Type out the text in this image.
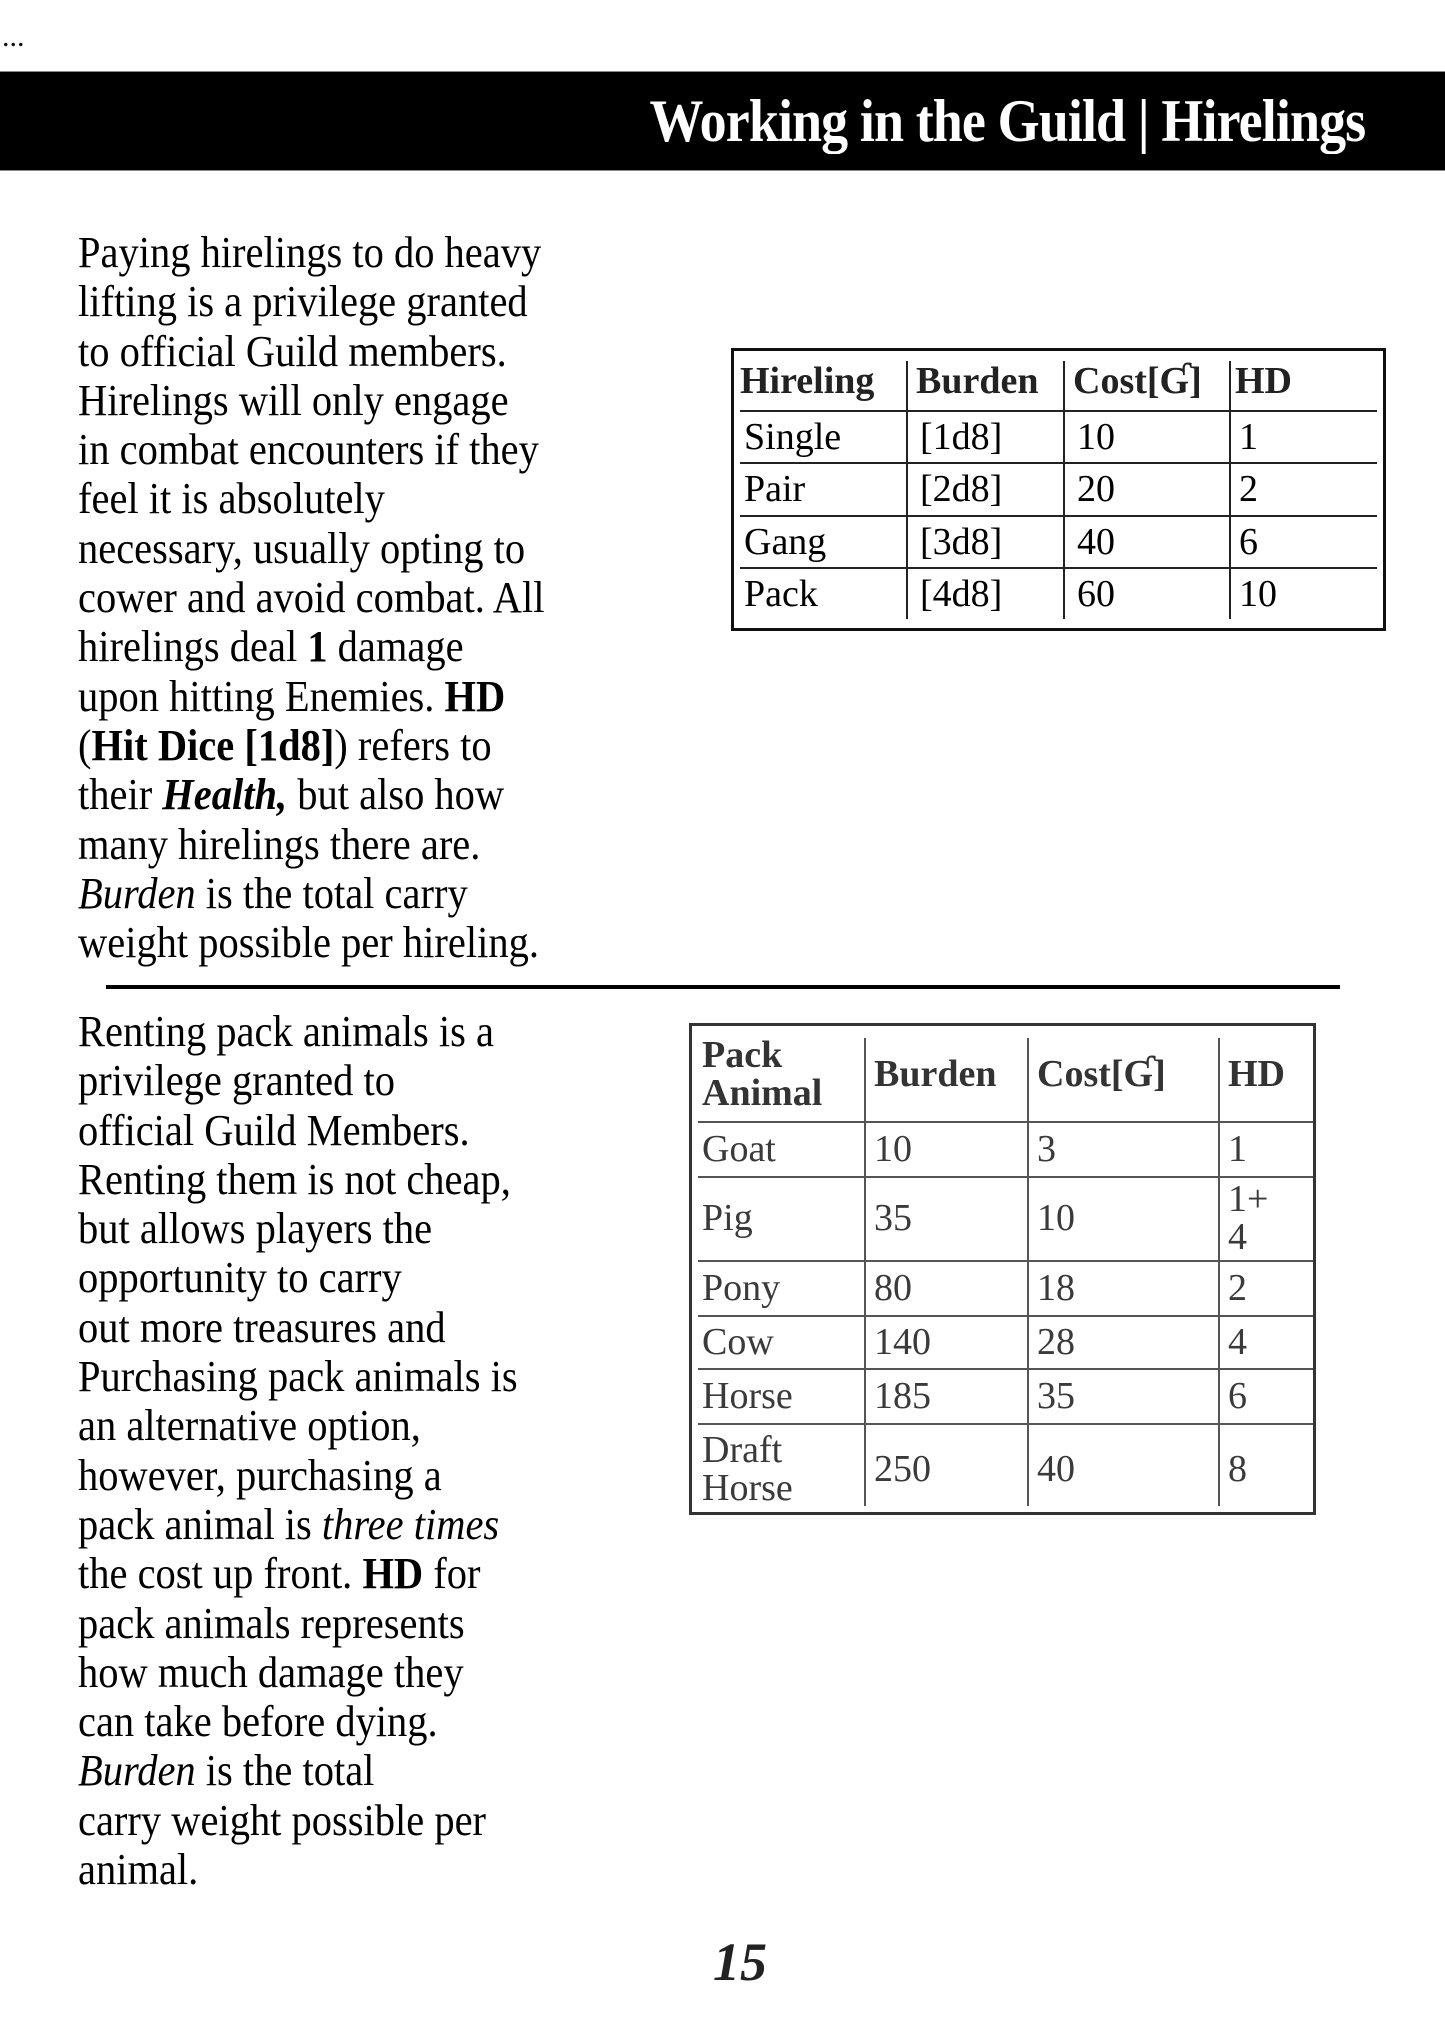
...
Working in the Guild | Hirelings
Paying hirelings to do heavy
lifting is a privilege granted
to official Guild members.
Hirelings will only engage
in combat encounters if they
feel it is absolutely
necessary, usually opting to
cower and avoid combat. All
hirelings deal 1 damage
upon hitting Enemies. HD
(Hit Dice [1d8]) refers to
their Health, but also how
many hirelings there are.
Burden is the total carry
weight possible per hireling.
Hireling Burden Cost[Ɠ] HD
Single [1d8] 10	1
Pair	[2d8] 20	2
Gang [3d8] 40	6
Pack	[4d8] 60	10
Renting pack animals is a
privilege granted to
official Guild Members.
Renting them is not cheap,
but allows players the
opportunity to carry
out more treasures and
Purchasing pack animals is
an alternative option,
however, purchasing a
pack animal is three times
the cost up front. HD for
pack animals represents
how much damage they
can take before dying.
Burden is the total
carry weight possible per
animal.
Pack
Animal Burden Cost[Ɠ] HD
Goat	10	3	1
Pig	35	10	1+
4
Pony 80	18	2
Cow	140	28	4
Horse 185	35	6
Draft
Horse 250	40	8
15
